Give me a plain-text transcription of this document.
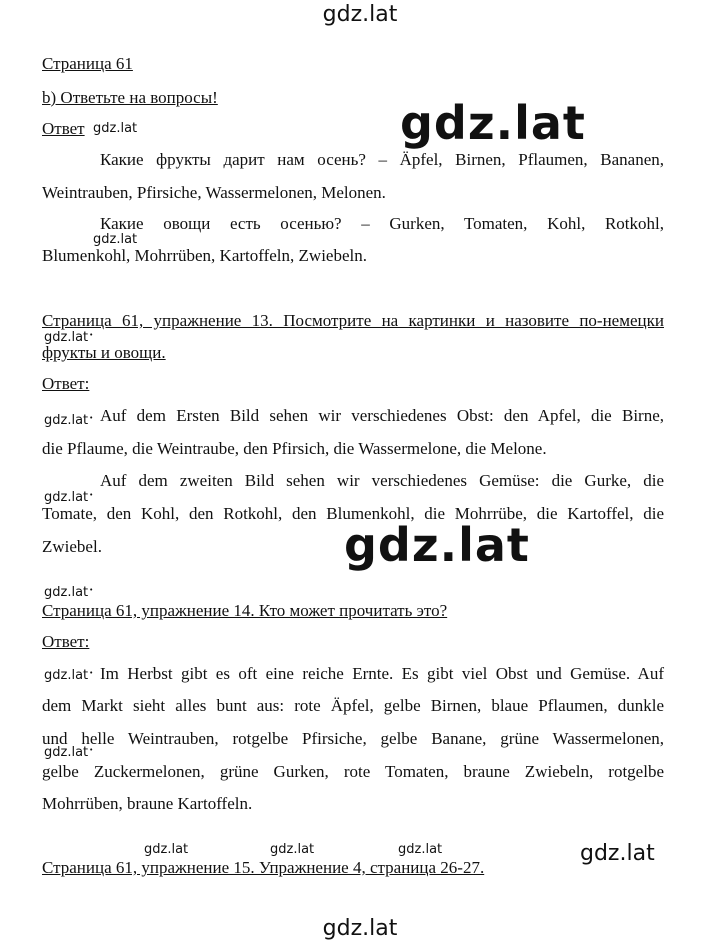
gdz.lat
gdz.lat
gdz.lat
gdz.lat
gdz.lat
gdz.lat
gdz.lat
gdz.lat •
gdz.lat •
gdz.lat •
gdz.lat •
gdz.lat •
gdz.lat •
gdz.lat	gdz.lat	gdz.lat
Страница 61
b) Ответьте на вопросы!
Ответ
Какие фрукты дарит нам осень? – Äpfel, Birnen, Pflaumen, Bananen,
Weintrauben, Pfirsiche, Wassermelonen, Melonen.
Какие овощи есть осенью? – Gurken, Tomaten, Kohl, Rotkohl,
Blumenkohl, Mohrrüben, Kartoffeln, Zwiebeln.
Страница 61, упражнение 13. Посмотрите на картинки и назовите по-немецки
фрукты и овощи.
Ответ:
Auf dem Ersten Bild sehen wir verschiedenes Obst: den Apfel, die Birne,
die Pflaume, die Weintraube, den Pfirsich, die Wassermelone, die Melone.
Auf dem zweiten Bild sehen wir verschiedenes Gemüse: die Gurke, die
Tomate, den Kohl, den Rotkohl, den Blumenkohl, die Mohrrübe, die Kartoffel, die
Zwiebel.
Страница 61, упражнение 14. Кто может прочитать это?
Ответ:
Im Herbst gibt es oft eine reiche Ernte. Es gibt viel Obst und Gemüse. Auf
dem Markt sieht alles bunt aus: rote Äpfel, gelbe Birnen, blaue Pflaumen, dunkle
und helle Weintrauben, rotgelbe Pfirsiche, gelbe Banane, grüne Wassermelonen,
gelbe Zuckermelonen, grüne Gurken, rote Tomaten, braune Zwiebeln, rotgelbe
Mohrrüben, braune Kartoffeln.
Страница 61, упражнение 15. Упражнение 4, страница 26-27.
